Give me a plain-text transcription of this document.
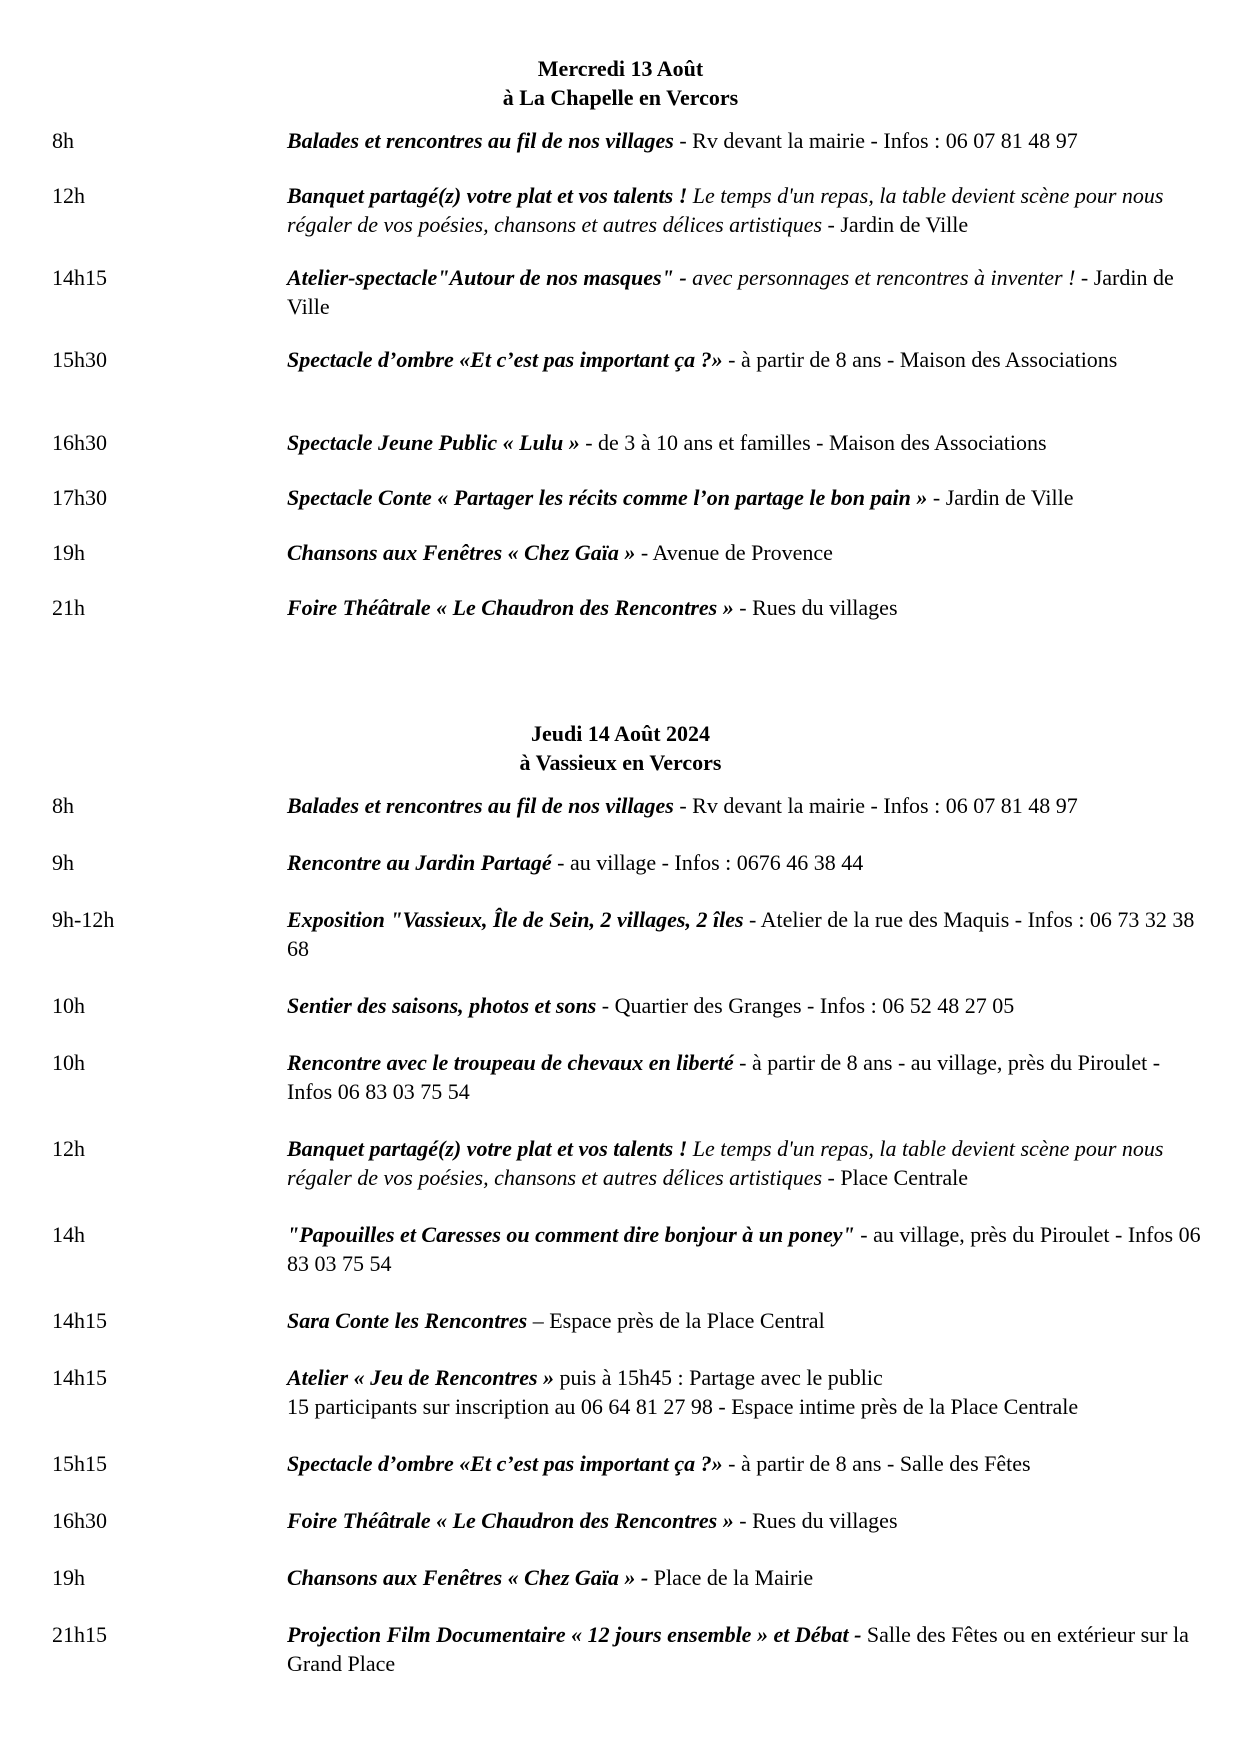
Mercredi 13 Août
à La Chapelle en Vercors
8h	Balades et rencontres au fil de nos villages - Rv devant la mairie - Infos : 06 07 81 48 97
12h	Banquet partagé(z) votre plat et vos talents ! Le temps d'un repas, la table devient scène pour nous régaler de vos poésies, chansons et autres délices artistiques - Jardin de Ville
14h15	Atelier-spectacle"Autour de nos masques" - avec personnages et rencontres à inventer ! - Jardin de Ville
15h30	Spectacle d’ombre «Et c’est pas important ça ?» - à partir de 8 ans - Maison des Associations
16h30	Spectacle Jeune Public « Lulu » - de 3 à 10 ans et familles - Maison des Associations
17h30	Spectacle Conte « Partager les récits comme l’on partage le bon pain » - Jardin de Ville
19h	Chansons aux Fenêtres « Chez Gaïa » - Avenue de Provence
21h	Foire Théâtrale « Le Chaudron des Rencontres » - Rues du villages
Jeudi 14 Août 2024
à Vassieux en Vercors
8h	Balades et rencontres au fil de nos villages - Rv devant la mairie - Infos : 06 07 81 48 97
9h	Rencontre au Jardin Partagé - au village - Infos : 0676 46 38 44
9h-12h	Exposition "Vassieux, Île de Sein, 2 villages, 2 îles - Atelier de la rue des Maquis - Infos : 06 73 32 38 68
10h	Sentier des saisons, photos et sons - Quartier des Granges - Infos : 06 52 48 27 05
10h	Rencontre avec le troupeau de chevaux en liberté - à partir de 8 ans - au village, près du Piroulet - Infos 06 83 03 75 54
12h	Banquet partagé(z) votre plat et vos talents ! Le temps d'un repas, la table devient scène pour nous régaler de vos poésies, chansons et autres délices artistiques - Place Centrale
14h	"Papouilles et Caresses ou comment dire bonjour à un poney" - au village, près du Piroulet - Infos 06 83 03 75 54
14h15	Sara Conte les Rencontres – Espace près de la Place Central
14h15	Atelier « Jeu de Rencontres » puis à 15h45 : Partage avec le public
15 participants sur inscription au 06 64 81 27 98 - Espace intime près de la Place Centrale
15h15	Spectacle d’ombre «Et c’est pas important ça ?» - à partir de 8 ans - Salle des Fêtes
16h30	Foire Théâtrale « Le Chaudron des Rencontres » - Rues du villages
19h	Chansons aux Fenêtres « Chez Gaïa » - Place de la Mairie
21h15	Projection Film Documentaire « 12 jours ensemble » et Débat - Salle des Fêtes ou en extérieur sur la Grand Place
